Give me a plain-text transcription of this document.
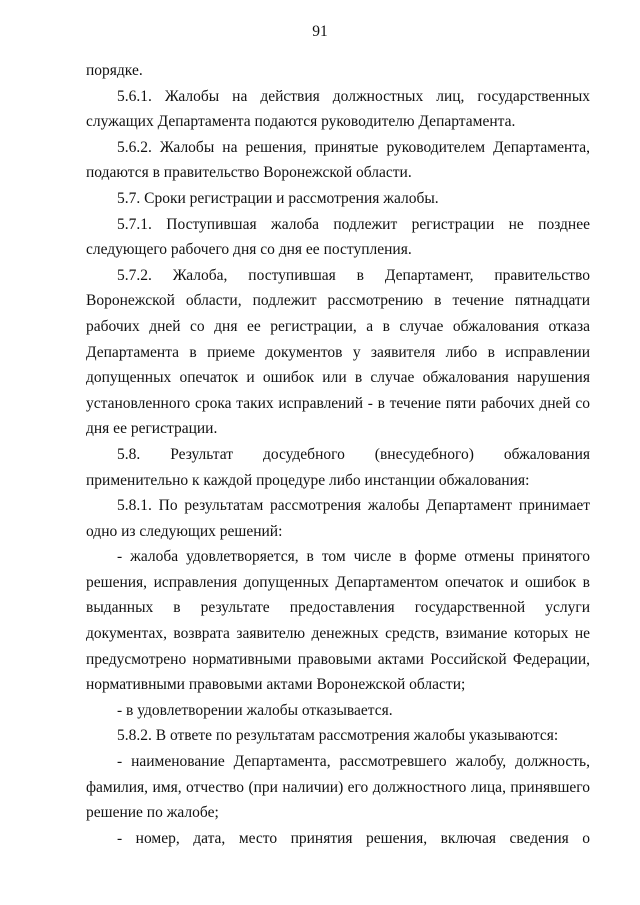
91

порядке.

5.6.1. Жалобы на действия должностных лиц, государственных служащих Департамента подаются руководителю Департамента.

5.6.2. Жалобы на решения, принятые руководителем Департамента, подаются в правительство Воронежской области.

5.7. Сроки регистрации и рассмотрения жалобы.

5.7.1. Поступившая жалоба подлежит регистрации не позднее следующего рабочего дня со дня ее поступления.

5.7.2. Жалоба, поступившая в Департамент, правительство Воронежской области, подлежит рассмотрению в течение пятнадцати рабочих дней со дня ее регистрации, а в случае обжалования отказа Департамента в приеме документов у заявителя либо в исправлении допущенных опечаток и ошибок или в случае обжалования нарушения установленного срока таких исправлений - в течение пяти рабочих дней со дня ее регистрации.

5.8. Результат досудебного (внесудебного) обжалования применительно к каждой процедуре либо инстанции обжалования:

5.8.1. По результатам рассмотрения жалобы Департамент принимает одно из следующих решений:

- жалоба удовлетворяется, в том числе в форме отмены принятого решения, исправления допущенных Департаментом опечаток и ошибок в выданных в результате предоставления государственной услуги документах, возврата заявителю денежных средств, взимание которых не предусмотрено нормативными правовыми актами Российской Федерации, нормативными правовыми актами Воронежской области;

- в удовлетворении жалобы отказывается.

5.8.2. В ответе по результатам рассмотрения жалобы указываются:

- наименование Департамента, рассмотревшего жалобу, должность, фамилия, имя, отчество (при наличии) его должностного лица, принявшего решение по жалобе;

- номер, дата, место принятия решения, включая сведения о
